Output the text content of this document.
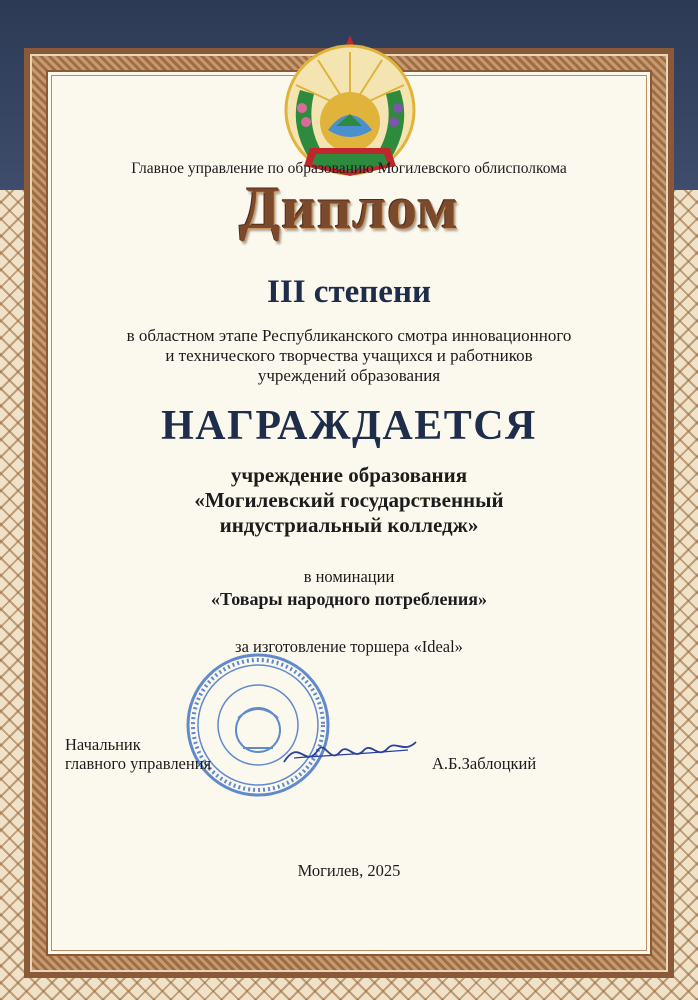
Главное управление по образованию Могилевского облисполкома

Диплом

III степени

в областном этапе Республиканского смотра инновационного
и технического творчества учащихся и работников
учреждений образования

НАГРАЖДАЕТСЯ

учреждение образования
«Могилевский государственный
индустриальный колледж»

в номинации

«Товары народного потребления»

за изготовление торшера «Ideal»

Начальник
главного управления	А.Б.Заблоцкий

Могилев, 2025
